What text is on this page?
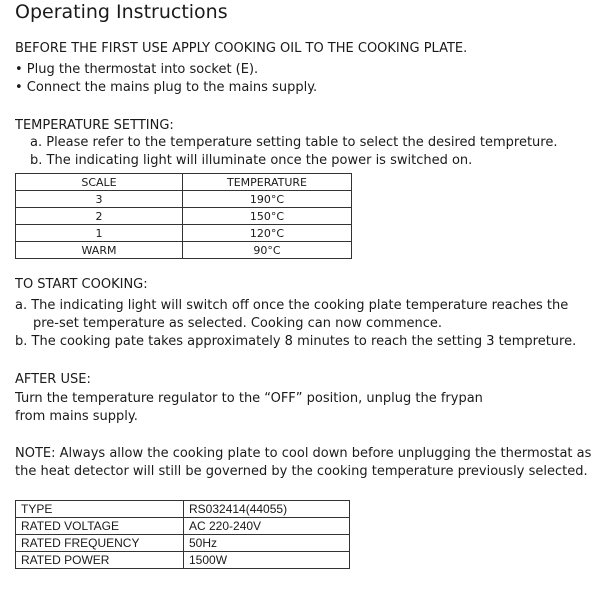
Operating Instructions
BEFORE THE FIRST USE APPLY COOKING OIL TO THE COOKING PLATE.
• Plug the thermostat into socket (E).
• Connect the mains plug to the mains supply.
TEMPERATURE SETTING:
a. Please refer to the temperature setting table to select the desired tempreture.
b. The indicating light will illuminate once the power is switched on.
SCALE	TEMPERATURE
3	190°C
2	150°C
1	120°C
WARM	90°C
TO START COOKING:
a. The indicating light will switch off once the cooking plate temperature reaches the
pre-set temperature as selected. Cooking can now commence.
b. The cooking pate takes approximately 8 minutes to reach the setting 3 tempreture.
AFTER USE:
Turn the temperature regulator to the “OFF” position, unplug the frypan
from mains supply.
NOTE: Always allow the cooking plate to cool down before unplugging the thermostat as
the heat detector will still be governed by the cooking temperature previously selected.
TYPE	RS032414(44055)
RATED VOLTAGE	AC 220-240V
RATED FREQUENCY	50Hz
RATED POWER	1500W
